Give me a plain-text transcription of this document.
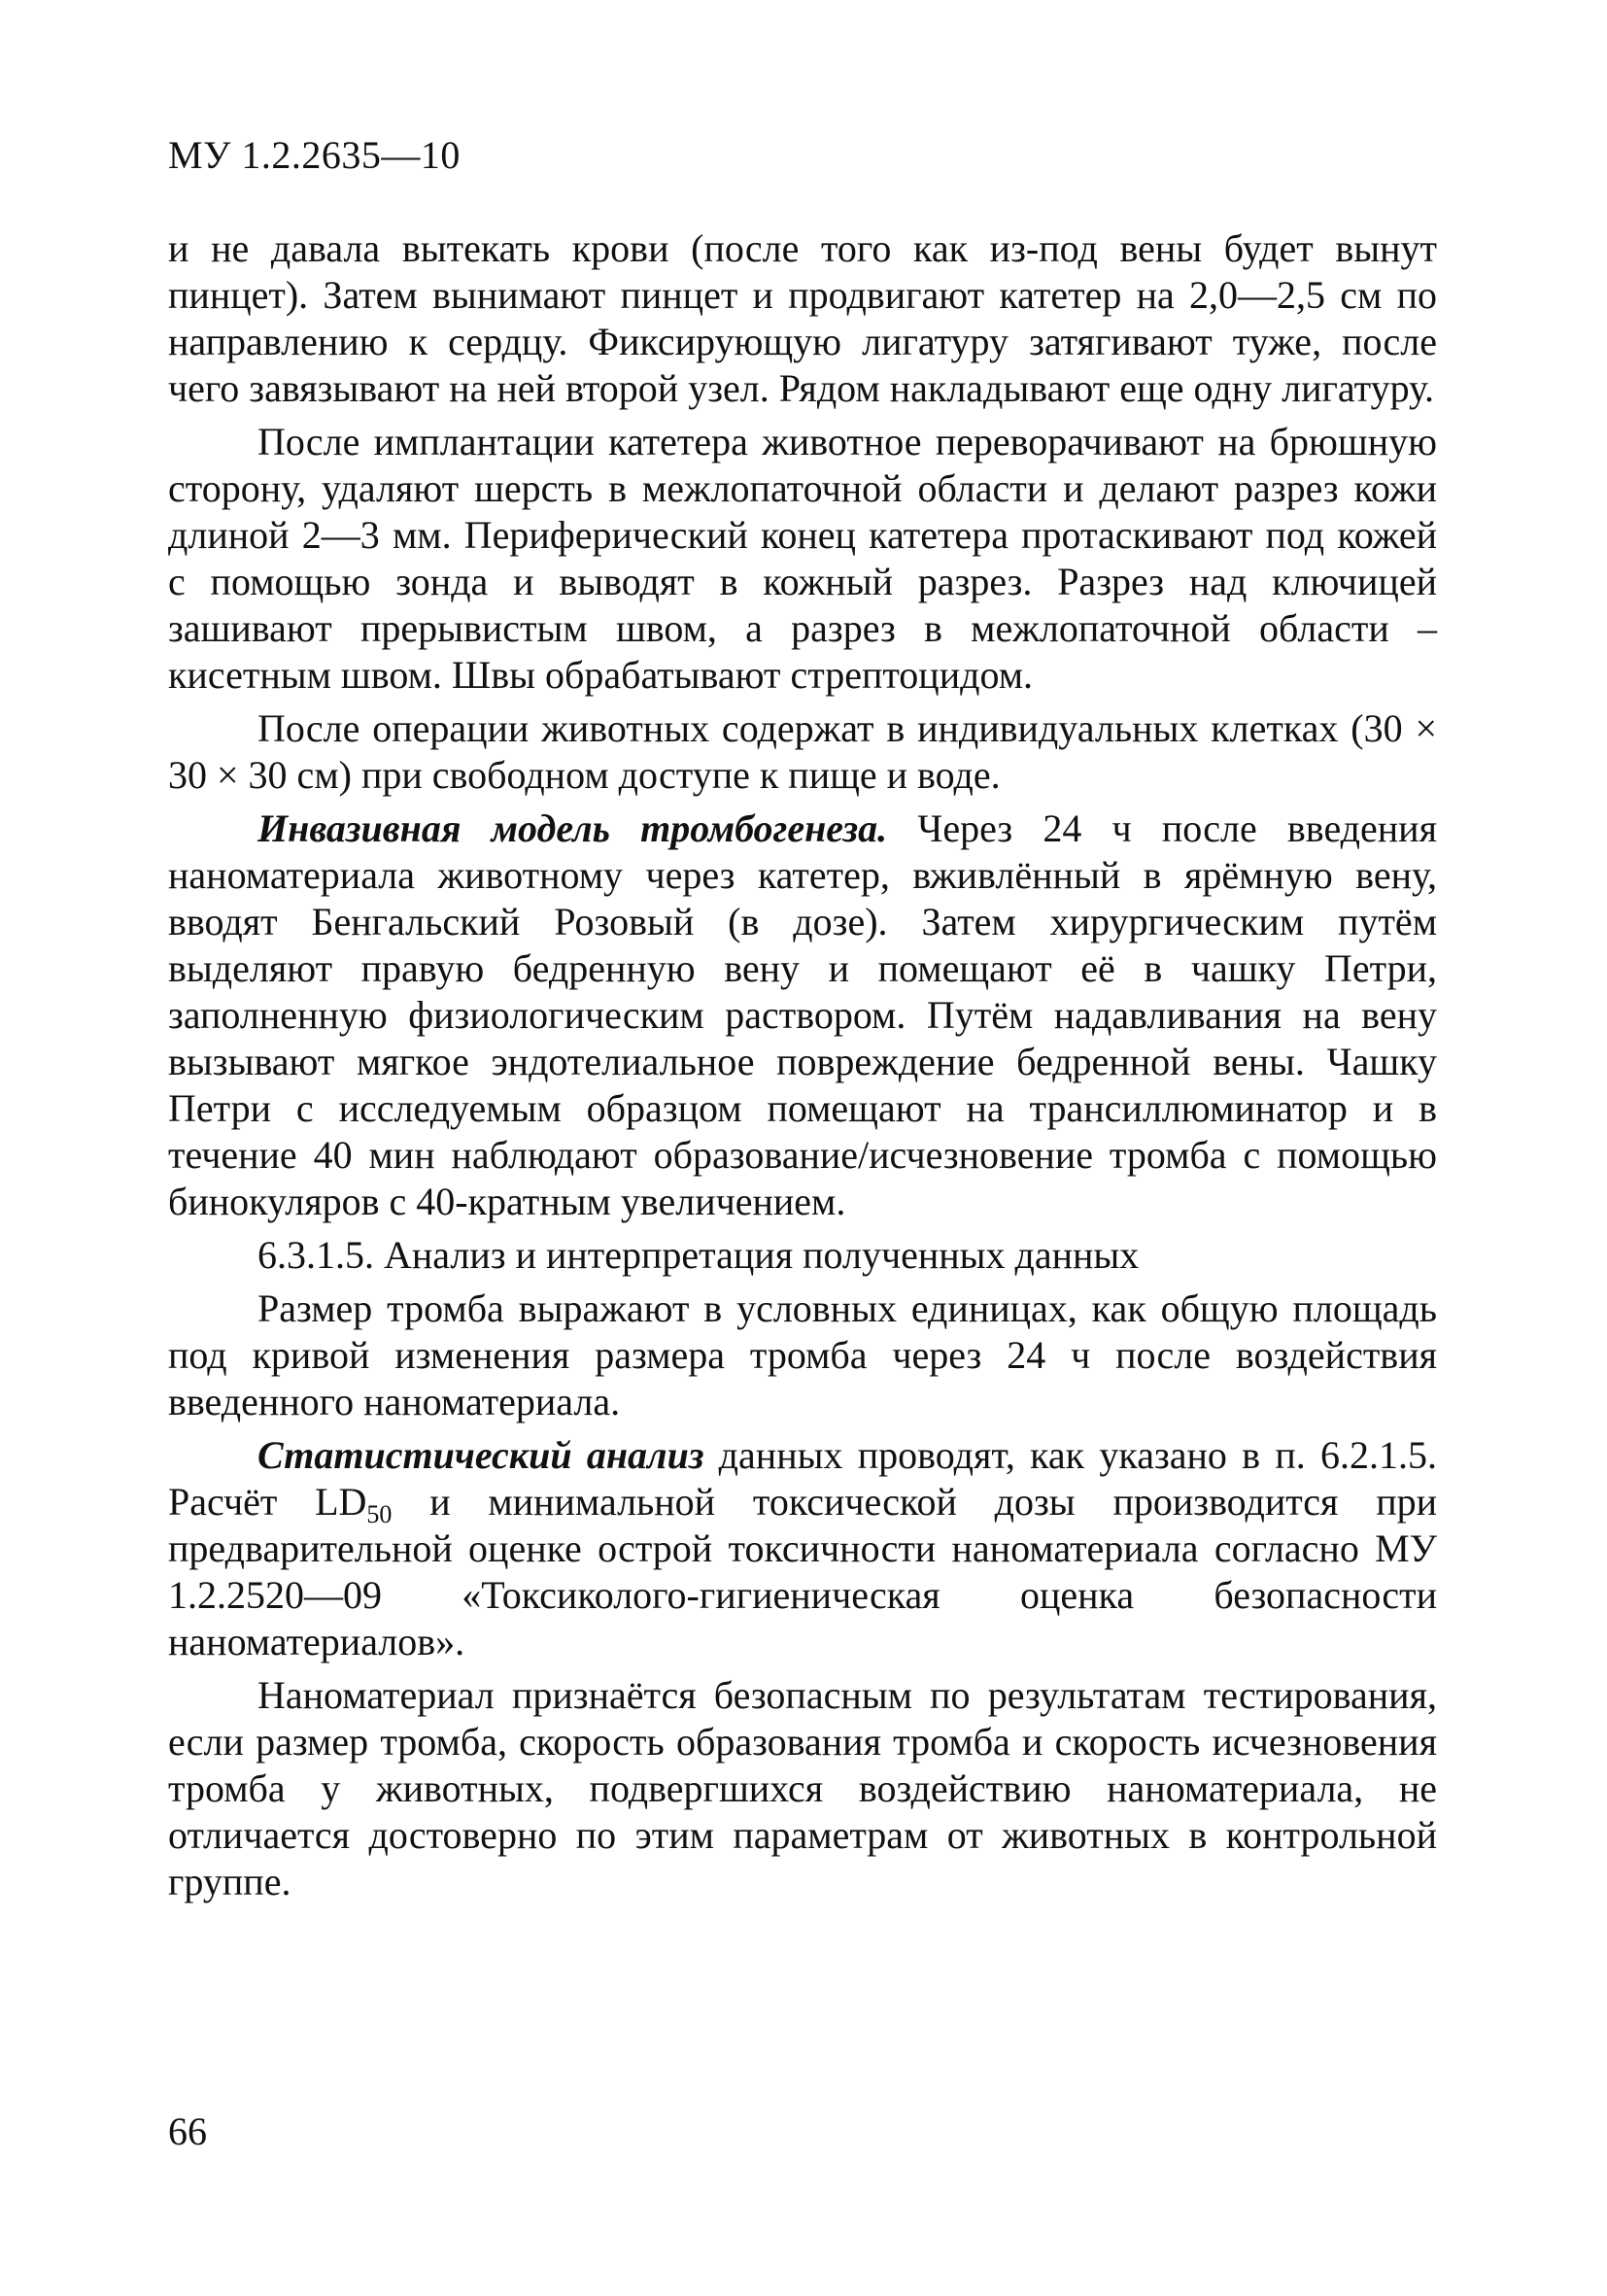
МУ 1.2.2635—10

и не давала вытекать крови (после того как из-под вены будет вынут пинцет). Затем вынимают пинцет и продвигают катетер на 2,0—2,5 см по направлению к сердцу. Фиксирующую лигатуру затягивают туже, после чего завязывают на ней второй узел. Рядом накладывают еще одну лигатуру.

После имплантации катетера животное переворачивают на брюшную сторону, удаляют шерсть в межлопаточной области и делают разрез кожи длиной 2—3 мм. Периферический конец катетера протаскивают под кожей с помощью зонда и выводят в кожный разрез. Разрез над ключицей зашивают прерывистым швом, а разрез в межлопаточной области – кисетным швом. Швы обрабатывают стрептоцидом.

После операции животных содержат в индивидуальных клетках (30 × 30 × 30 см) при свободном доступе к пище и воде.

Инвазивная модель тромбогенеза. Через 24 ч после введения наноматериала животному через катетер, вживлённый в ярёмную вену, вводят Бенгальский Розовый (в дозе). Затем хирургическим путём выделяют правую бедренную вену и помещают её в чашку Петри, заполненную физиологическим раствором. Путём надавливания на вену вызывают мягкое эндотелиальное повреждение бедренной вены. Чашку Петри с исследуемым образцом помещают на трансиллюминатор и в течение 40 мин наблюдают образование/исчезновение тромба с помощью бинокуляров с 40-кратным увеличением.

6.3.1.5. Анализ и интерпретация полученных данных

Размер тромба выражают в условных единицах, как общую площадь под кривой изменения размера тромба через 24 ч после воздействия введенного наноматериала.

Статистический анализ данных проводят, как указано в п. 6.2.1.5. Расчёт $LD_{50}$ и минимальной токсической дозы производится при предварительной оценке острой токсичности наноматериала согласно МУ 1.2.2520—09 «Токсиколого-гигиеническая оценка безопасности наноматериалов».

Наноматериал признаётся безопасным по результатам тестирования, если размер тромба, скорость образования тромба и скорость исчезновения тромба у животных, подвергшихся воздействию наноматериала, не отличается достоверно по этим параметрам от животных в контрольной группе.

66
